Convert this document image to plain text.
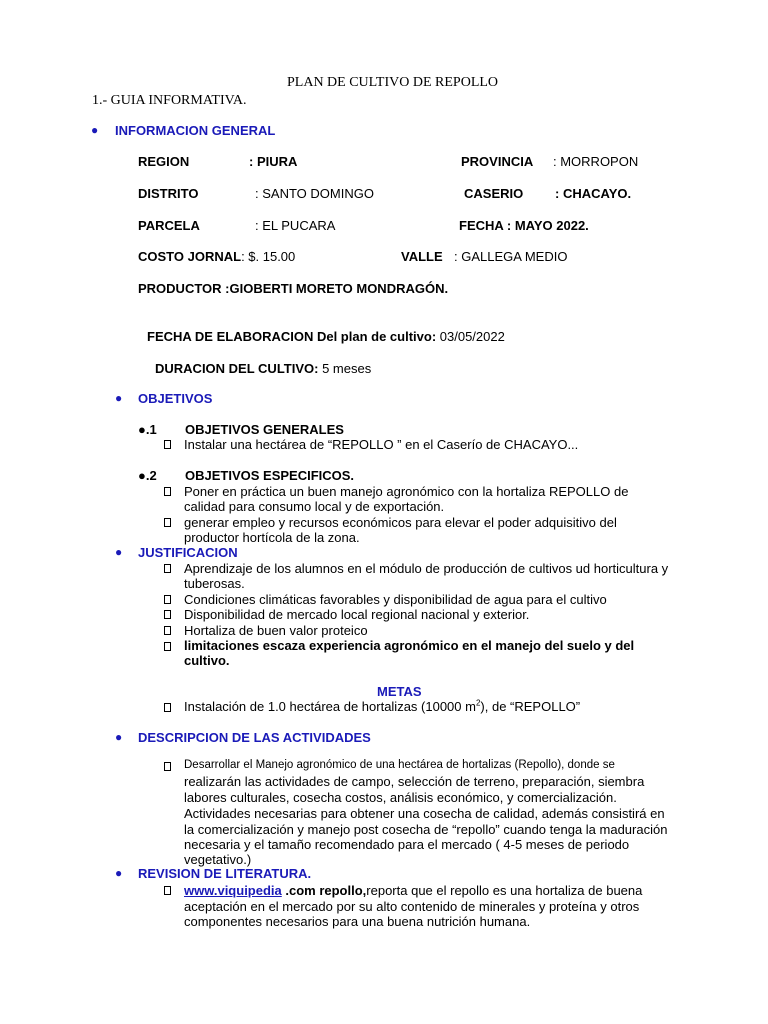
PLAN DE CULTIVO DE REPOLLO
1.- GUIA INFORMATIVA.
● INFORMACION GENERAL
REGION	: PIURA	PROVINCIA : MORROPON
DISTRITO	: SANTO DOMINGO	CASERIO : CHACAYO.
PARCELA	: EL PUCARA	FECHA : MAYO 2022.
COSTO JORNAL: $. 15.00	VALLE : GALLEGA MEDIO
PRODUCTOR :GIOBERTI MORETO MONDRAGÓN.
FECHA DE ELABORACION Del plan de cultivo: 03/05/2022
DURACION DEL CULTIVO: 5 meses
● OBJETIVOS
●.1 OBJETIVOS GENERALES
Instalar una hectárea de “REPOLLO ” en el Caserío de CHACAYO...
●.2 OBJETIVOS ESPECIFICOS.
Poner en práctica un buen manejo agronómico con la hortaliza REPOLLO de
calidad para consumo local y de exportación.
generar empleo y recursos económicos para elevar el poder adquisitivo del
productor hortícola de la zona.
● JUSTIFICACION
Aprendizaje de los alumnos en el módulo de producción de cultivos ud horticultura y
tuberosas.
Condiciones climáticas favorables y disponibilidad de agua para el cultivo
Disponibilidad de mercado local regional nacional y exterior.
Hortaliza de buen valor proteico
limitaciones escaza experiencia agronómico en el manejo del suelo y del
cultivo.
METAS
Instalación de 1.0 hectárea de hortalizas (10000 $m^2$), de “REPOLLO”
● DESCRIPCION DE LAS ACTIVIDADES
Desarrollar el Manejo agronómico de una hectárea de hortalizas (Repollo), donde se
realizarán las actividades de campo, selección de terreno, preparación, siembra
labores culturales, cosecha costos, análisis económico, y comercialización.
Actividades necesarias para obtener una cosecha de calidad, además consistirá en
la comercialización y manejo post cosecha de “repollo” cuando tenga la maduración
necesaria y el tamaño recomendado para el mercado ( 4-5 meses de periodo
vegetativo.)
● REVISION DE LITERATURA.
www.viquipedia .com repollo,reporta que el repollo es una hortaliza de buena
aceptación en el mercado por su alto contenido de minerales y proteína y otros
componentes necesarios para una buena nutrición humana.
